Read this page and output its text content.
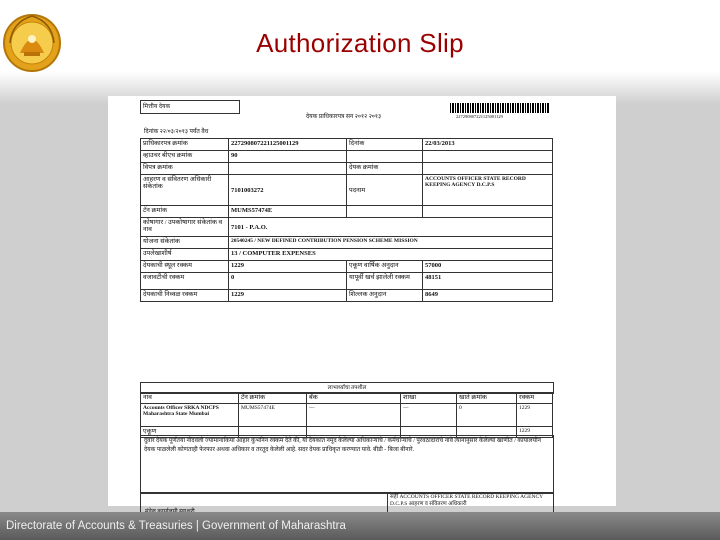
Authorization Slip
मित्तीय देयक
देयक प्राधिकारपत्र सन २०१२ २०१३	227290807221125001129
दिनांक २२/०३/२०१३ पर्यंत वैध
प्राधिकारपत्र क्रमांक	227290807221125001129	दिनांक	22/03/2013
व्हाउचर बीएच क्रमांक	90		
विपत्र क्रमांक		देयक क्रमांक	
आहरण व संवितरण अधिकारी संकेतांक	7101003272	पदनाम	ACCOUNTS OFFICER STATE RECORD KEEPING AGENCY D.C.P.S
टॅन क्रमांक	MUMS57474E		
कोषागार / उपकोषागार संकेतांक व नाव	7101 - P.A.O.		
योजना संकेतांक	20540245 / NEW DEFINED CONTRIBUTION PENSION SCHEME MISSION		
उपलेखाशीर्ष	13 / COMPUTER EXPENSES		
देयकाची स्थूल रक्कम	1229	एकूण वार्षिक अनुदान	57000
वजावटीची रक्कम	0	यापूर्वी खर्च झालेली रक्कम	48151
देयकाची निव्वळ रक्कम	1229	शिल्लक अनुदान	8649
लाभार्थ्यांचा तपशील
नाव	टॅन क्रमांक	बँक	शाखा	खाते क्रमांक	रक्कम
Accounts Officer SRKA NDCPS Maharashtra State Mumbai	MUMS57474E	—	—	0	1229
एकूण					1229
दुवार देयक पूर्णतया नोंदवली ज्यामानाकिया आहार कुंभनिन रक्कम देते की, या देयकात नमूद केलेल्या अधिकाऱ्यांचे / कर्मचाऱ्यांचे / पुरवठादाराचे नावे त्यानानुसार केलेल्या खाणीत / कायालयीन देयक पाळलेली कोणताही फेरफार अथवा अधिकार व तरतूद केलेली आहे. सदर देयक प्राधिकृत करण्यात यावे. बीडी - बिजा बीनारे.
सही ACCOUNTS OFFICER STATE RECORD KEEPING AGENCY D.C.P.S आहरण व संवितरण अधिकारी
Directorate of Accounts & Treasuries | Government of Maharashtra
